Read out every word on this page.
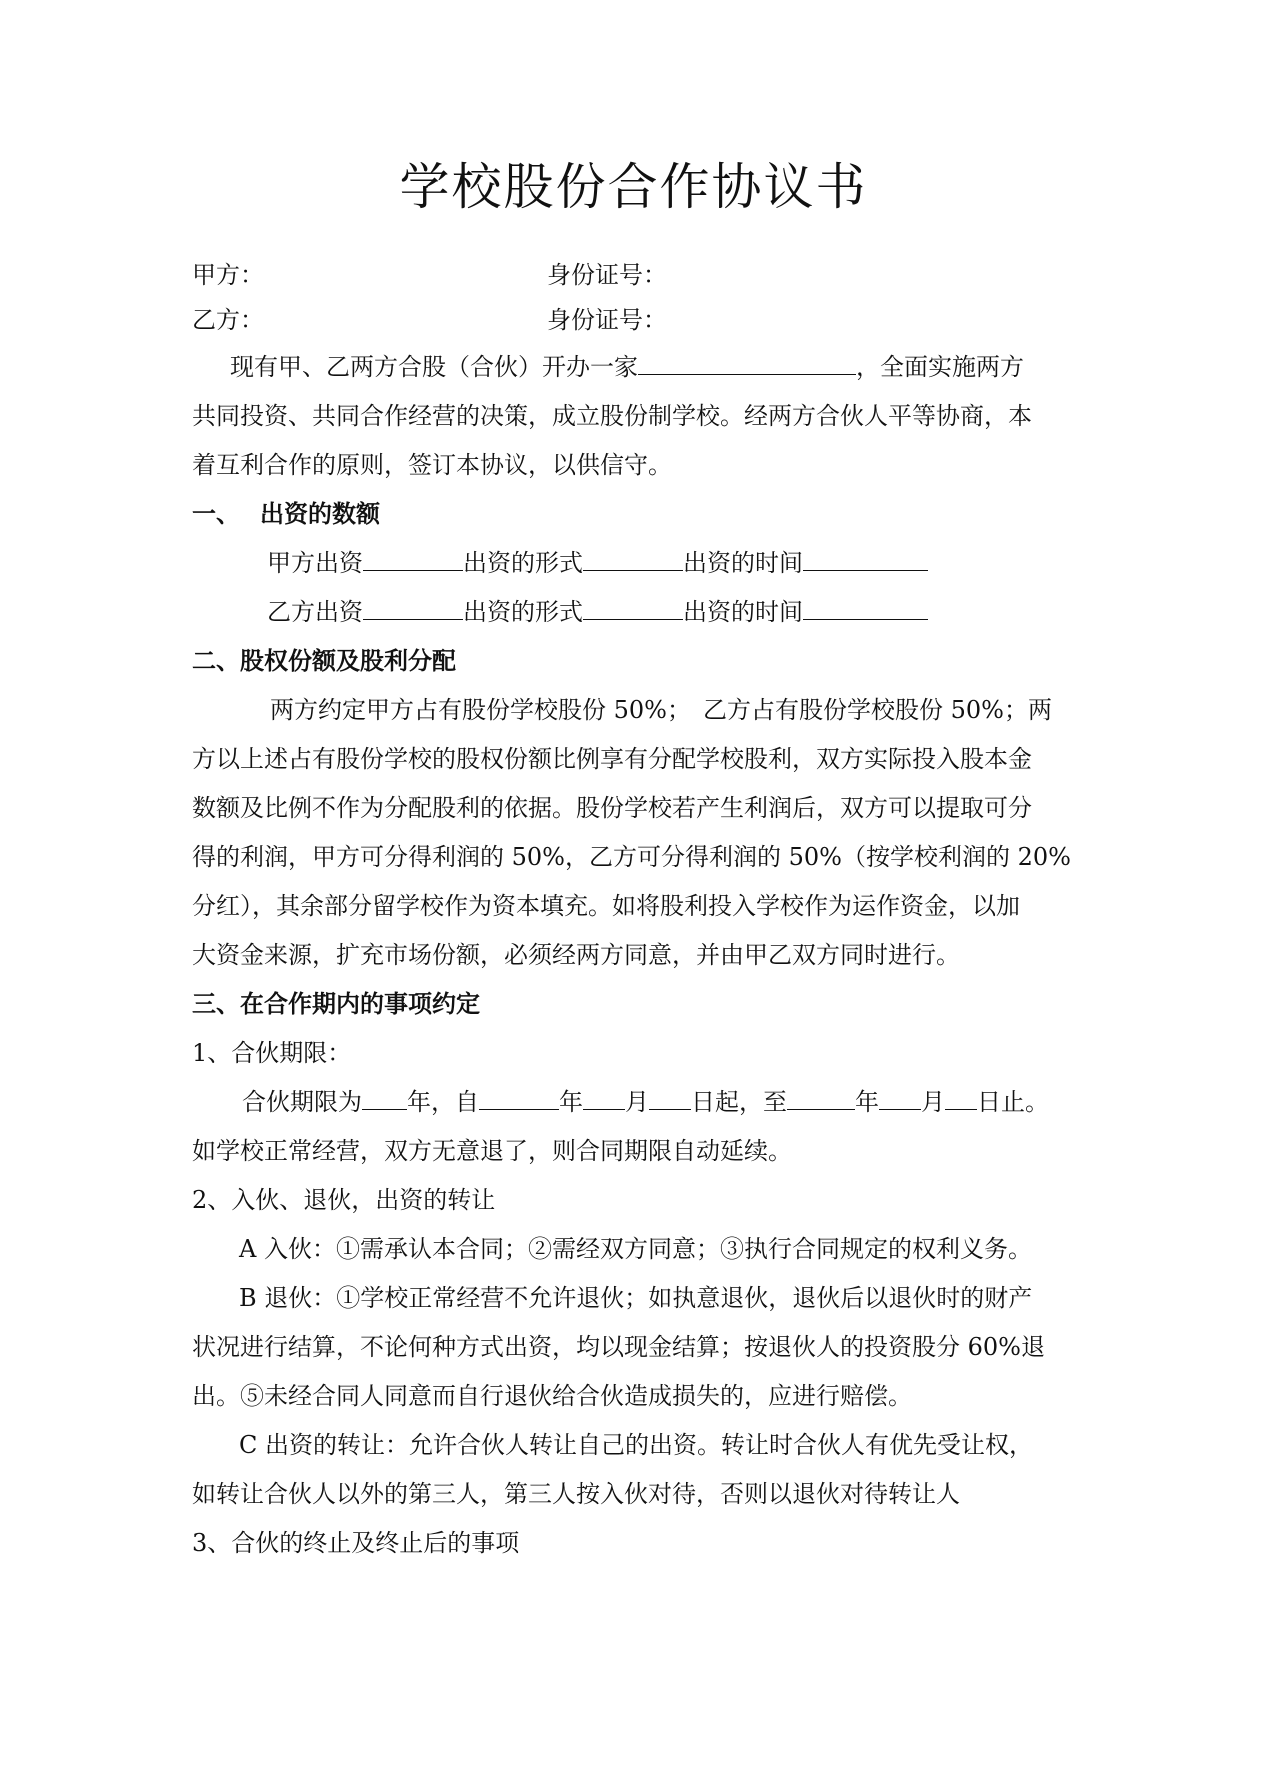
学校股份合作协议书
甲方：	身份证号：
乙方：	身份证号：
现有甲、乙两方合股（合伙）开办一家	，全面实施两方
共同投资、共同合作经营的决策，成立股份制学校。经两方合伙人平等协商，本
着互利合作的原则，签订本协议，以供信守。
一、 出资的数额
甲方出资	出资的形式	出资的时间
乙方出资	出资的形式	出资的时间
二、股权份额及股利分配
两方约定甲方占有股份学校股份 50%；　乙方占有股份学校股份 50%；两
方以上述占有股份学校的股权份额比例享有分配学校股利，双方实际投入股本金
数额及比例不作为分配股利的依据。股份学校若产生利润后，双方可以提取可分
得的利润，甲方可分得利润的 50%，乙方可分得利润的 50%（按学校利润的 20%
分红），其余部分留学校作为资本填充。如将股利投入学校作为运作资金，以加
大资金来源，扩充市场份额，必须经两方同意，并由甲乙双方同时进行。
三、在合作期内的事项约定
1、合伙期限：
合伙期限为 年，自	年 月 日起，至	年 月 日止。
如学校正常经营，双方无意退了，则合同期限自动延续。
2、入伙、退伙，出资的转让
A 入伙：①需承认本合同；②需经双方同意；③执行合同规定的权利义务。
B 退伙：①学校正常经营不允许退伙；如执意退伙，退伙后以退伙时的财产
状况进行结算，不论何种方式出资，均以现金结算；按退伙人的投资股分 60%退
出。⑤未经合同人同意而自行退伙给合伙造成损失的，应进行赔偿。
C 出资的转让：允许合伙人转让自己的出资。转让时合伙人有优先受让权，
如转让合伙人以外的第三人，第三人按入伙对待，否则以退伙对待转让人
3、合伙的终止及终止后的事项
